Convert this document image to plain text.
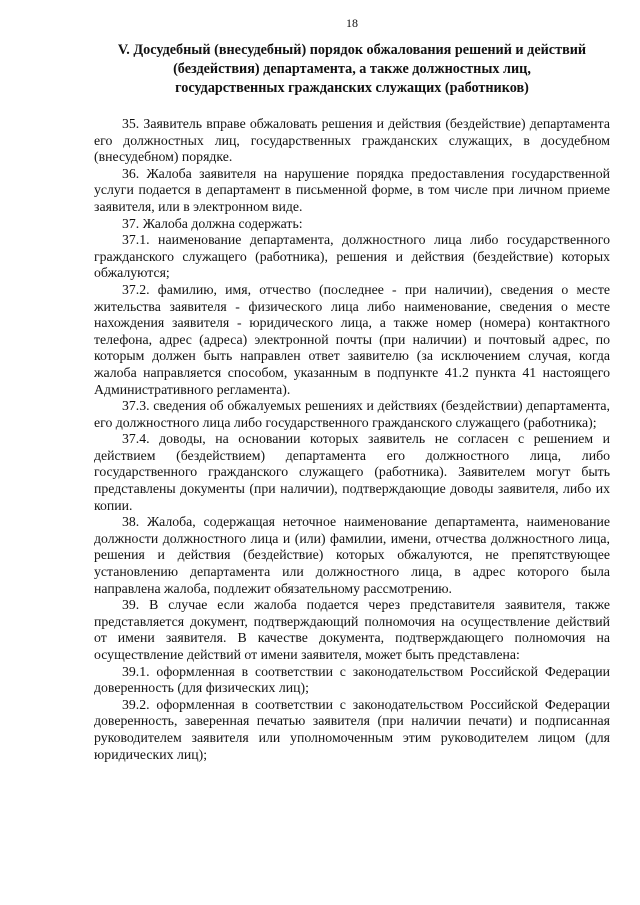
18
V. Досудебный (внесудебный) порядок обжалования решений и действий
(бездействия) департамента, а также должностных лиц,
государственных гражданских служащих (работников)

35. Заявитель вправе обжаловать решения и действия (бездействие) департамента его должностных лиц, государственных гражданских служащих, в досудебном (внесудебном) порядке.

36. Жалоба заявителя на нарушение порядка предоставления государственной услуги подается в департамент в письменной форме, в том числе при личном приеме заявителя, или в электронном виде.

37. Жалоба должна содержать:

37.1. наименование департамента, должностного лица либо государственного гражданского служащего (работника), решения и действия (бездействие) которых обжалуются;

37.2. фамилию, имя, отчество (последнее - при наличии), сведения о месте жительства заявителя - физического лица либо наименование, сведения о месте нахождения заявителя - юридического лица, а также номер (номера) контактного телефона, адрес (адреса) электронной почты (при наличии) и почтовый адрес, по которым должен быть направлен ответ заявителю (за исключением случая, когда жалоба направляется способом, указанным в подпункте 41.2 пункта 41 настоящего Административного регламента).

37.3. сведения об обжалуемых решениях и действиях (бездействии) департамента, его должностного лица либо государственного гражданского служащего (работника);

37.4. доводы, на основании которых заявитель не согласен с решением и действием (бездействием) департамента его должностного лица, либо государственного гражданского служащего (работника). Заявителем могут быть представлены документы (при наличии), подтверждающие доводы заявителя, либо их копии.

38. Жалоба, содержащая неточное наименование департамента, наименование должности должностного лица и (или) фамилии, имени, отчества должностного лица, решения и действия (бездействие) которых обжалуются, не препятствующее установлению департамента или должностного лица, в адрес которого была направлена жалоба, подлежит обязательному рассмотрению.

39. В случае если жалоба подается через представителя заявителя, также представляется документ, подтверждающий полномочия на осуществление действий от имени заявителя. В качестве документа, подтверждающего полномочия на осуществление действий от имени заявителя, может быть представлена:

39.1. оформленная в соответствии с законодательством Российской Федерации доверенность (для физических лиц);

39.2. оформленная в соответствии с законодательством Российской Федерации доверенность, заверенная печатью заявителя (при наличии печати) и подписанная руководителем заявителя или уполномоченным этим руководителем лицом (для юридических лиц);
